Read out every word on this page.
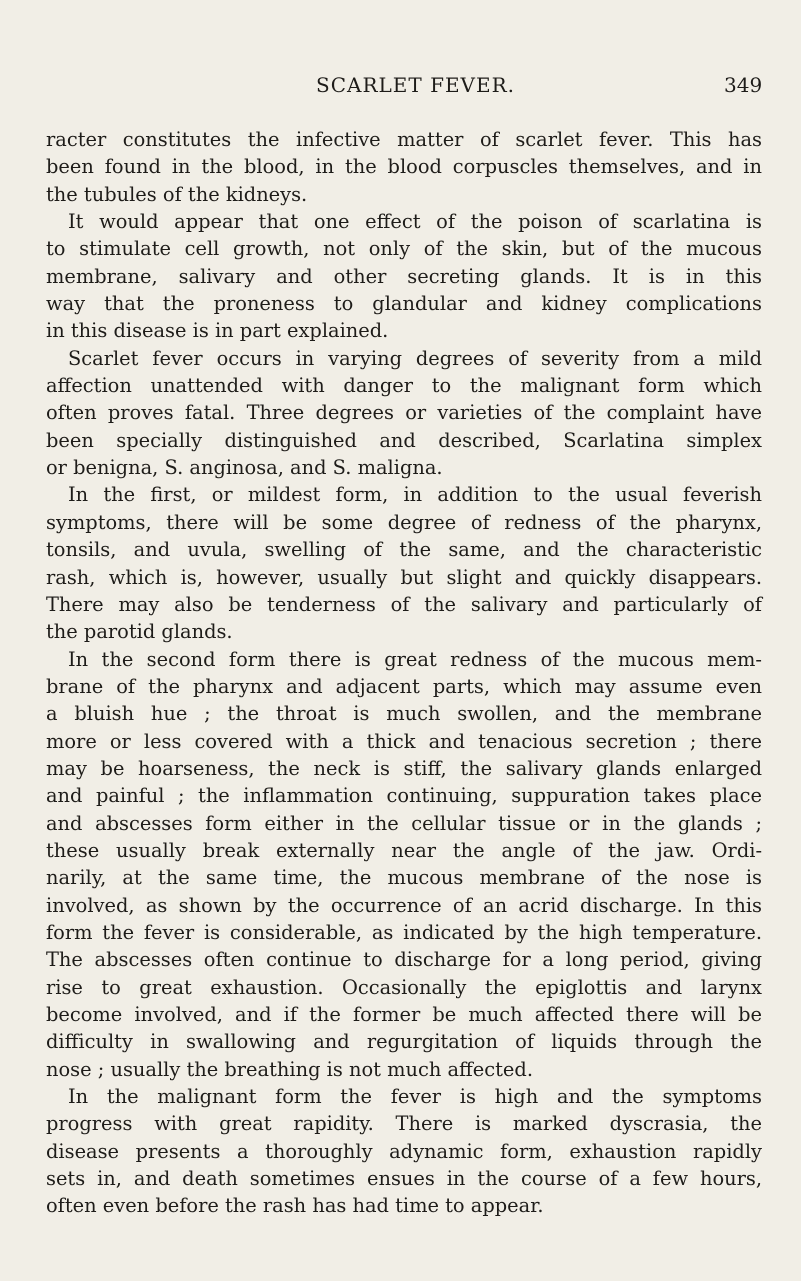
SCARLET FEVER.	349
racter constitutes the infective matter of scarlet fever. This has
been found in the blood, in the blood corpuscles themselves, and in
the tubules of the kidneys.
It would appear that one effect of the poison of scarlatina is
to stimulate cell growth, not only of the skin, but of the mucous
membrane, salivary and other secreting glands. It is in this
way that the proneness to glandular and kidney complications
in this disease is in part explained.
Scarlet fever occurs in varying degrees of severity from a mild
affection unattended with danger to the malignant form which
often proves fatal. Three degrees or varieties of the complaint have
been specially distinguished and described, Scarlatina simplex
or benigna, S. anginosa, and S. maligna.
In the first, or mildest form, in addition to the usual feverish
symptoms, there will be some degree of redness of the pharynx,
tonsils, and uvula, swelling of the same, and the characteristic
rash, which is, however, usually but slight and quickly disappears.
There may also be tenderness of the salivary and particularly of
the parotid glands.
In the second form there is great redness of the mucous mem-
brane of the pharynx and adjacent parts, which may assume even
a bluish hue ; the throat is much swollen, and the membrane
more or less covered with a thick and tenacious secretion ; there
may be hoarseness, the neck is stiff, the salivary glands enlarged
and painful ; the inflammation continuing, suppuration takes place
and abscesses form either in the cellular tissue or in the glands ;
these usually break externally near the angle of the jaw. Ordi-
narily, at the same time, the mucous membrane of the nose is
involved, as shown by the occurrence of an acrid discharge. In this
form the fever is considerable, as indicated by the high temperature.
The abscesses often continue to discharge for a long period, giving
rise to great exhaustion. Occasionally the epiglottis and larynx
become involved, and if the former be much affected there will be
difficulty in swallowing and regurgitation of liquids through the
nose ; usually the breathing is not much affected.
In the malignant form the fever is high and the symptoms
progress with great rapidity. There is marked dyscrasia, the
disease presents a thoroughly adynamic form, exhaustion rapidly
sets in, and death sometimes ensues in the course of a few hours,
often even before the rash has had time to appear.
